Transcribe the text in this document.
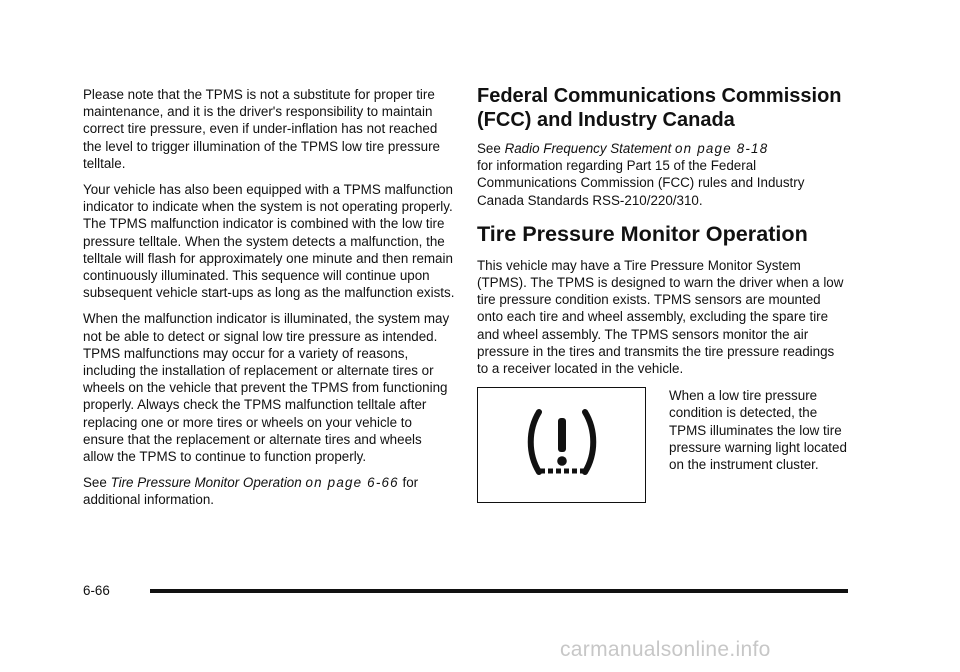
Please note that the TPMS is not a substitute for proper tire maintenance, and it is the driver's responsibility to maintain correct tire pressure, even if under-inflation has not reached the level to trigger illumination of the TPMS low tire pressure telltale.

Your vehicle has also been equipped with a TPMS malfunction indicator to indicate when the system is not operating properly. The TPMS malfunction indicator is combined with the low tire pressure telltale. When the system detects a malfunction, the telltale will flash for approximately one minute and then remain continuously illuminated. This sequence will continue upon subsequent vehicle start-ups as long as the malfunction exists.

When the malfunction indicator is illuminated, the system may not be able to detect or signal low tire pressure as intended. TPMS malfunctions may occur for a variety of reasons, including the installation of replacement or alternate tires or wheels on the vehicle that prevent the TPMS from functioning properly. Always check the TPMS malfunction telltale after replacing one or more tires or wheels on your vehicle to ensure that the replacement or alternate tires and wheels allow the TPMS to continue to function properly.

See Tire Pressure Monitor Operation on page 6-66 for additional information.

Federal Communications Commission (FCC) and Industry Canada

See Radio Frequency Statement on page 8-18
for information regarding Part 15 of the Federal Communications Commission (FCC) rules and Industry Canada Standards RSS-210/220/310.

Tire Pressure Monitor Operation

This vehicle may have a Tire Pressure Monitor System (TPMS). The TPMS is designed to warn the driver when a low tire pressure condition exists. TPMS sensors are mounted onto each tire and wheel assembly, excluding the spare tire and wheel assembly. The TPMS sensors monitor the air pressure in the tires and transmits the tire pressure readings to a receiver located in the vehicle.

When a low tire pressure condition is detected, the TPMS illuminates the low tire pressure warning light located on the instrument cluster.
6-66
carmanualsonline.info
